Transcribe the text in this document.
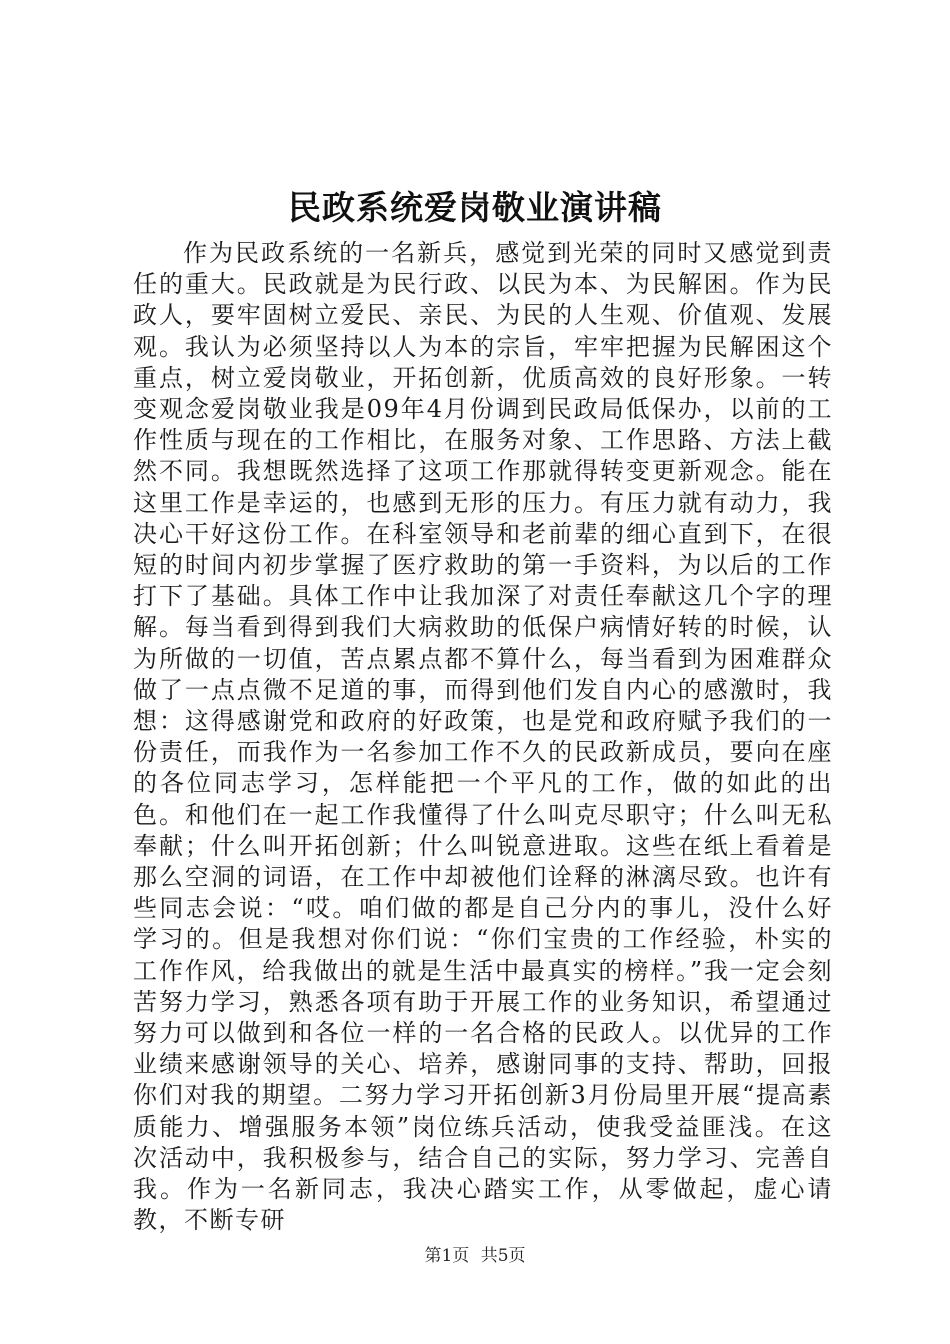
民政系统爱岗敬业演讲稿

作为民政系统的一名新兵，感觉到光荣的同时又感觉到责任的重大。民政就是为民行政、以民为本、为民解困。作为民政人，要牢固树立爱民、亲民、为民的人生观、价值观、发展观。我认为必须坚持以人为本的宗旨，牢牢把握为民解困这个重点，树立爱岗敬业，开拓创新，优质高效的良好形象。一转变观念爱岗敬业我是09年4月份调到民政局低保办，以前的工作性质与现在的工作相比，在服务对象、工作思路、方法上截然不同。我想既然选择了这项工作那就得转变更新观念。能在这里工作是幸运的，也感到无形的压力。有压力就有动力，我决心干好这份工作。在科室领导和老前辈的细心直到下，在很短的时间内初步掌握了医疗救助的第一手资料，为以后的工作打下了基础。具体工作中让我加深了对责任奉献这几个字的理解。每当看到得到我们大病救助的低保户病情好转的时候，认为所做的一切值，苦点累点都不算什么，每当看到为困难群众做了一点点微不足道的事，而得到他们发自内心的感激时，我想：这得感谢党和政府的好政策，也是党和政府赋予我们的一份责任，而我作为一名参加工作不久的民政新成员，要向在座的各位同志学习，怎样能把一个平凡的工作，做的如此的出色。和他们在一起工作我懂得了什么叫克尽职守；什么叫无私奉献；什么叫开拓创新；什么叫锐意进取。这些在纸上看着是那么空洞的词语，在工作中却被他们诠释的淋漓尽致。也许有些同志会说：“哎。咱们做的都是自己分内的事儿，没什么好学习的。但是我想对你们说：“你们宝贵的工作经验，朴实的工作作风，给我做出的就是生活中最真实的榜样。”我一定会刻苦努力学习，熟悉各项有助于开展工作的业务知识，希望通过努力可以做到和各位一样的一名合格的民政人。以优异的工作业绩来感谢领导的关心、培养，感谢同事的支持、帮助，回报你们对我的期望。二努力学习开拓创新3月份局里开展“提高素质能力、增强服务本领”岗位练兵活动，使我受益匪浅。在这次活动中，我积极参与，结合自己的实际，努力学习、完善自我。作为一名新同志，我决心踏实工作，从零做起，虚心请教，不断专研

第1页 共5页
